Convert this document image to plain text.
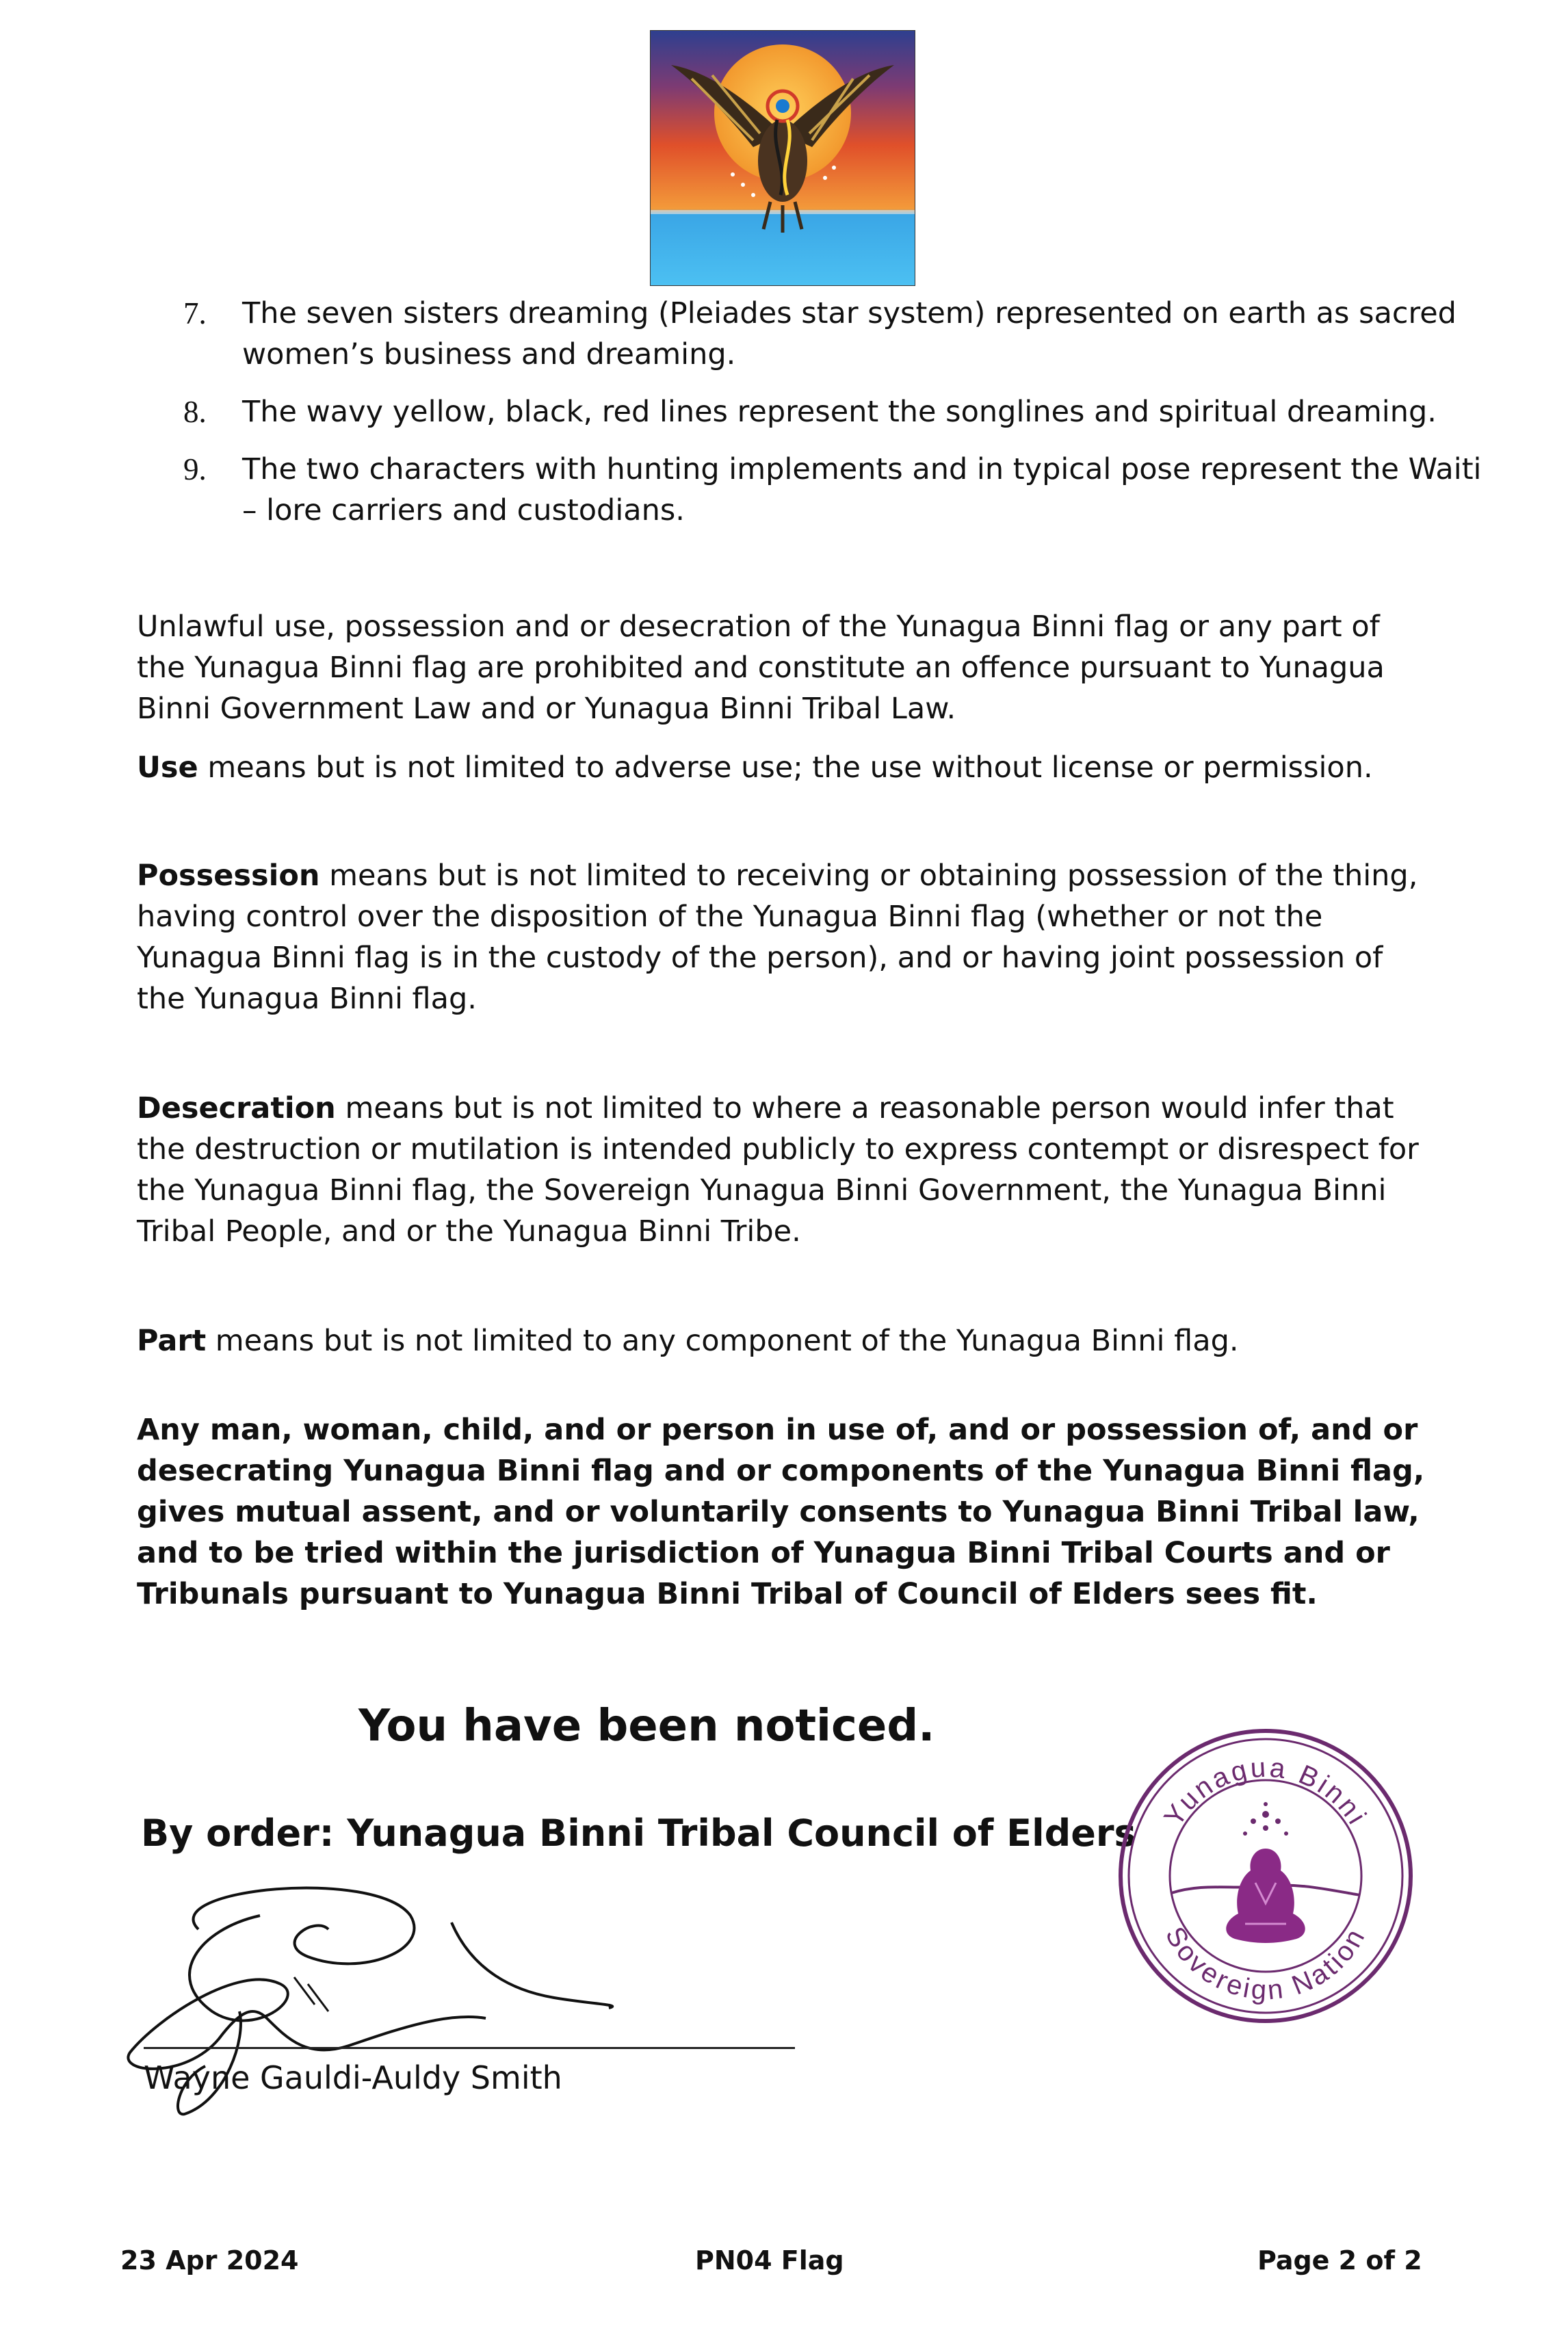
7. The seven sisters dreaming (Pleiades star system) represented on earth as sacred women’s business and dreaming.
8. The wavy yellow, black, red lines represent the songlines and spiritual dreaming.
9. The two characters with hunting implements and in typical pose represent the Waiti – lore carriers and custodians.

Unlawful use, possession and or desecration of the Yunagua Binni flag or any part of the Yunagua Binni flag are prohibited and constitute an offence pursuant to Yunagua Binni Government Law and or Yunagua Binni Tribal Law.

Use means but is not limited to adverse use; the use without license or permission.

Possession means but is not limited to receiving or obtaining possession of the thing, having control over the disposition of the Yunagua Binni flag (whether or not the Yunagua Binni flag is in the custody of the person), and or having joint possession of the Yunagua Binni flag.

Desecration means but is not limited to where a reasonable person would infer that the destruction or mutilation is intended publicly to express contempt or disrespect for the Yunagua Binni flag, the Sovereign Yunagua Binni Government, the Yunagua Binni Tribal People, and or the Yunagua Binni Tribe.

Part means but is not limited to any component of the Yunagua Binni flag.

Any man, woman, child, and or person in use of, and or possession of, and or desecrating Yunagua Binni flag and or components of the Yunagua Binni flag, gives mutual assent, and or voluntarily consents to Yunagua Binni Tribal law, and to be tried within the jurisdiction of Yunagua Binni Tribal Courts and or Tribunals pursuant to Yunagua Binni Tribal of Council of Elders sees fit.

You have been noticed.

By order: Yunagua Binni Tribal Council of Elders

Wayne Gauldi-Auldy Smith

Yunagua Binni
Sovereign Nation

23 Apr 2024	PN04 Flag	Page 2 of 2
